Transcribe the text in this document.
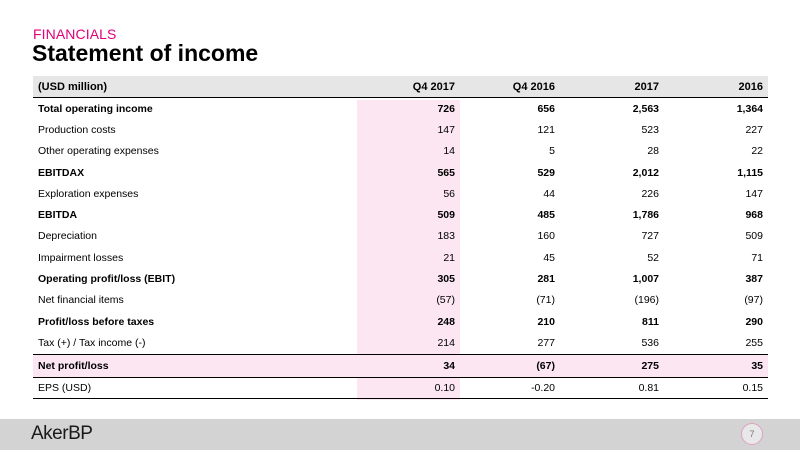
FINANCIALS
Statement of income
(USD million)	Q4 2017	Q4 2016	2017	2016
Total operating income	726	656	2,563	1,364
Production costs	147	121	523	227
Other operating expenses	14	5	28	22
EBITDAX	565	529	2,012	1,115
Exploration expenses	56	44	226	147
EBITDA	509	485	1,786	968
Depreciation	183	160	727	509
Impairment losses	21	45	52	71
Operating profit/loss (EBIT)	305	281	1,007	387
Net financial items	(57)	(71)	(196)	(97)
Profit/loss before taxes	248	210	811	290
Tax (+) / Tax income (-)	214	277	536	255
Net profit/loss	34	(67)	275	35
EPS (USD)	0.10	-0.20	0.81	0.15
AkerBP	7
